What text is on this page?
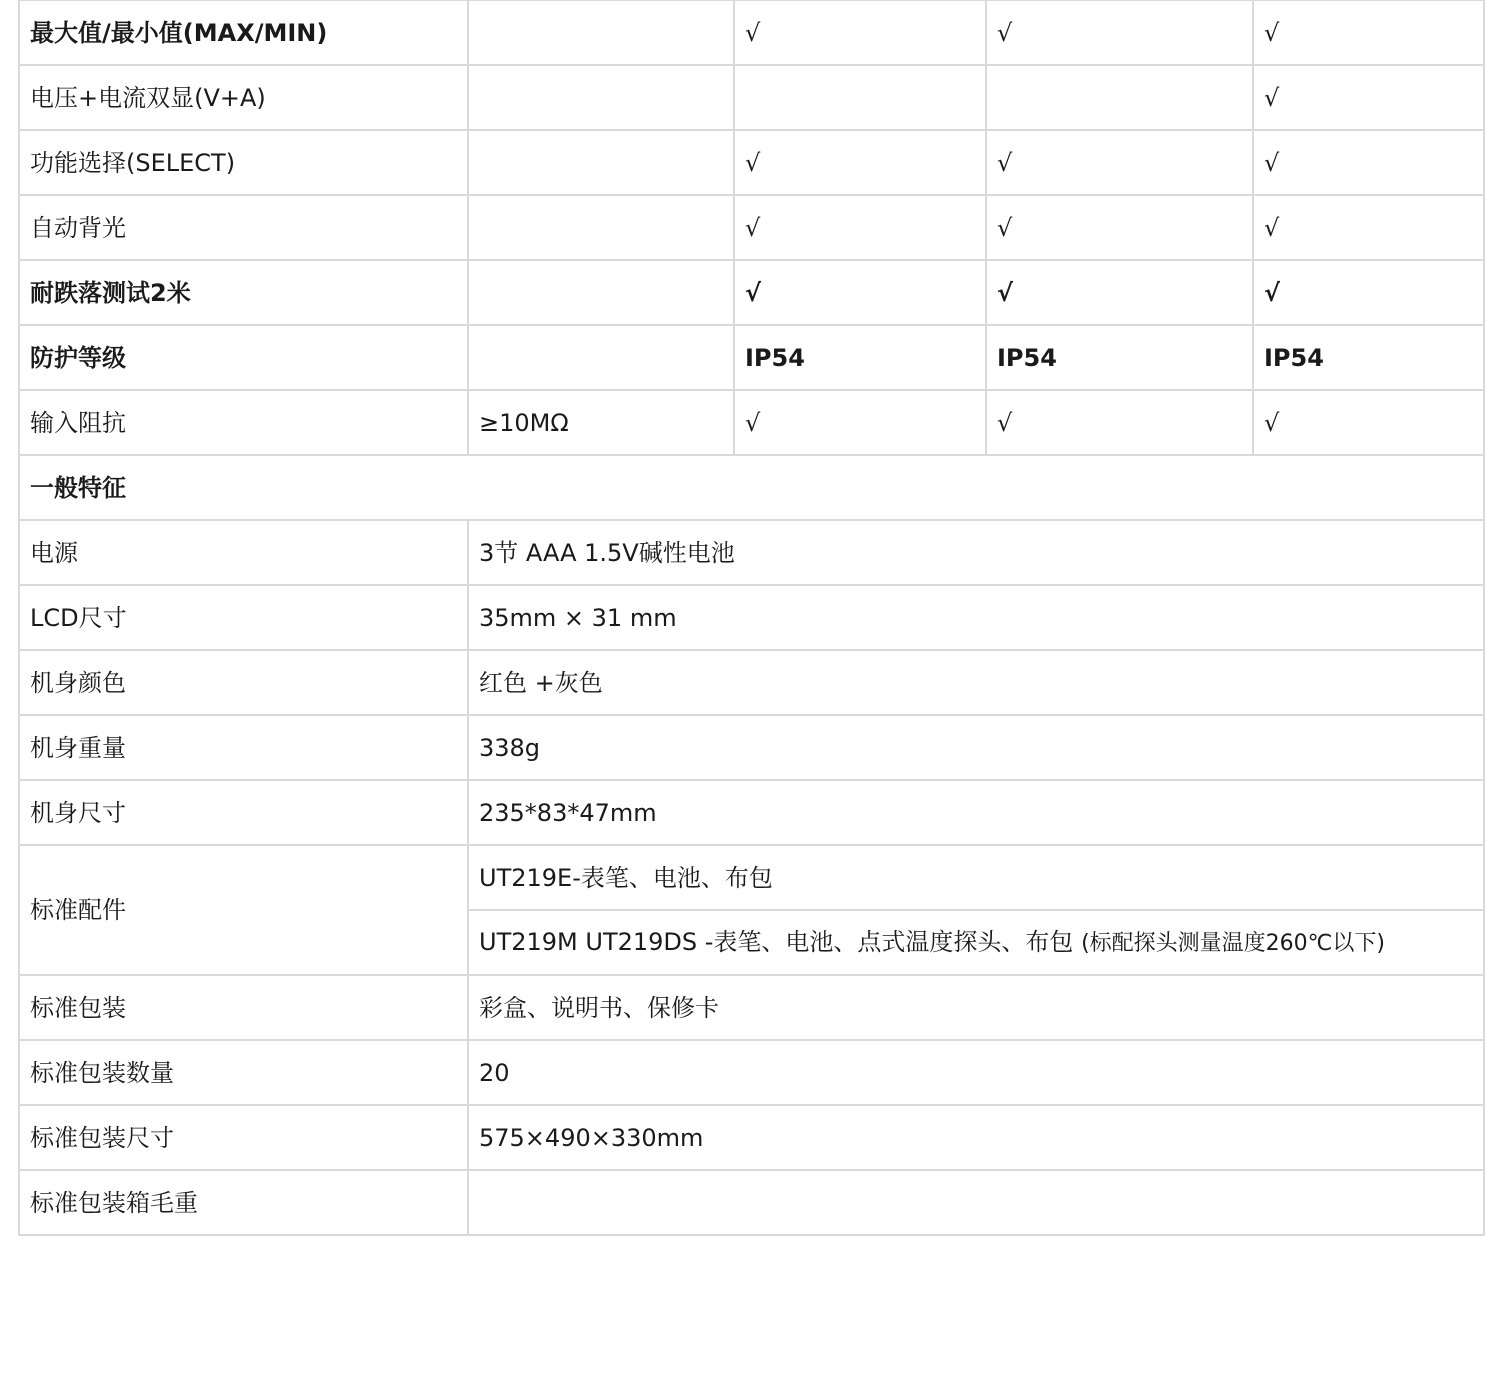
最大值/最小值(MAX/MIN)		√	√	√
电压+电流双显(V+A)				√
功能选择(SELECT)		√	√	√
自动背光		√	√	√
耐跌落测试2米		√	√	√
防护等级		IP54	IP54	IP54
输入阻抗	≥10MΩ	√	√	√
一般特征				
电源	3节 AAA 1.5V碱性电池			
LCD尺寸	35mm × 31 mm			
机身颜色	红色 +灰色			
机身重量	338g			
机身尺寸	235*83*47mm			
标准配件	UT219E-表笔、电池、布包			
	UT219M UT219DS -表笔、电池、点式温度探头、布包 (标配探头测量温度260℃以下)			
标准包装	彩盒、说明书、保修卡			
标准包装数量	20			
标准包装尺寸	575×490×330mm			
标准包装箱毛重				
